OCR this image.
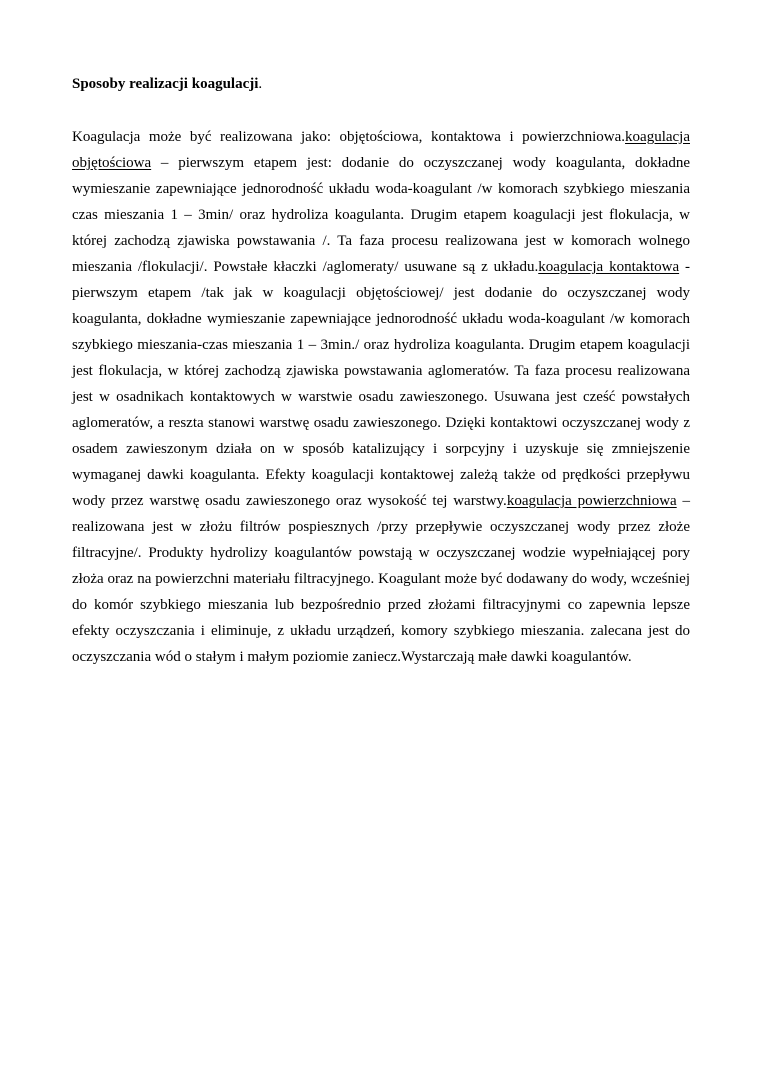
Sposoby realizacji koagulacji.

Koagulacja może być realizowana jako: objętościowa, kontaktowa i powierzchniowa.koagulacja objętościowa – pierwszym etapem jest: dodanie do oczyszczanej wody koagulanta, dokładne wymieszanie zapewniające jednorodność układu woda-koagulant /w komorach szybkiego mieszania czas mieszania 1 – 3min/ oraz hydroliza koagulanta. Drugim etapem koagulacji jest flokulacja, w której zachodzą zjawiska powstawania /. Ta faza procesu realizowana jest w komorach wolnego mieszania /flokulacji/. Powstałe kłaczki /aglomeraty/ usuwane są z układu.koagulacja kontaktowa - pierwszym etapem /tak jak w koagulacji objętościowej/ jest dodanie do oczyszczanej wody koagulanta, dokładne wymieszanie zapewniające jednorodność układu woda-koagulant /w komorach szybkiego mieszania-czas mieszania 1 – 3min./ oraz hydroliza koagulanta. Drugim etapem koagulacji jest flokulacja, w której zachodzą zjawiska powstawania aglomeratów. Ta faza procesu realizowana jest w osadnikach kontaktowych w warstwie osadu zawieszonego. Usuwana jest cześć powstałych aglomeratów, a reszta stanowi warstwę osadu zawieszonego. Dzięki kontaktowi oczyszczanej wody z osadem zawieszonym działa on w sposób katalizujący i sorpcyjny i uzyskuje się zmniejszenie wymaganej dawki koagulanta. Efekty koagulacji kontaktowej zależą także od prędkości przepływu wody przez warstwę osadu zawieszonego oraz wysokość tej warstwy.koagulacja powierzchniowa – realizowana jest w złożu filtrów pospiesznych /przy przepływie oczyszczanej wody przez złoże filtracyjne/. Produkty hydrolizy koagulantów powstają w oczyszczanej wodzie wypełniającej pory złoża oraz na powierzchni materiału filtracyjnego. Koagulant może być dodawany do wody, wcześniej do komór szybkiego mieszania lub bezpośrednio przed złożami filtracyjnymi co zapewnia lepsze efekty oczyszczania i eliminuje, z układu urządzeń, komory szybkiego mieszania. zalecana jest do oczyszczania wód o stałym i małym poziomie zaniecz.Wystarczają małe dawki koagulantów.
